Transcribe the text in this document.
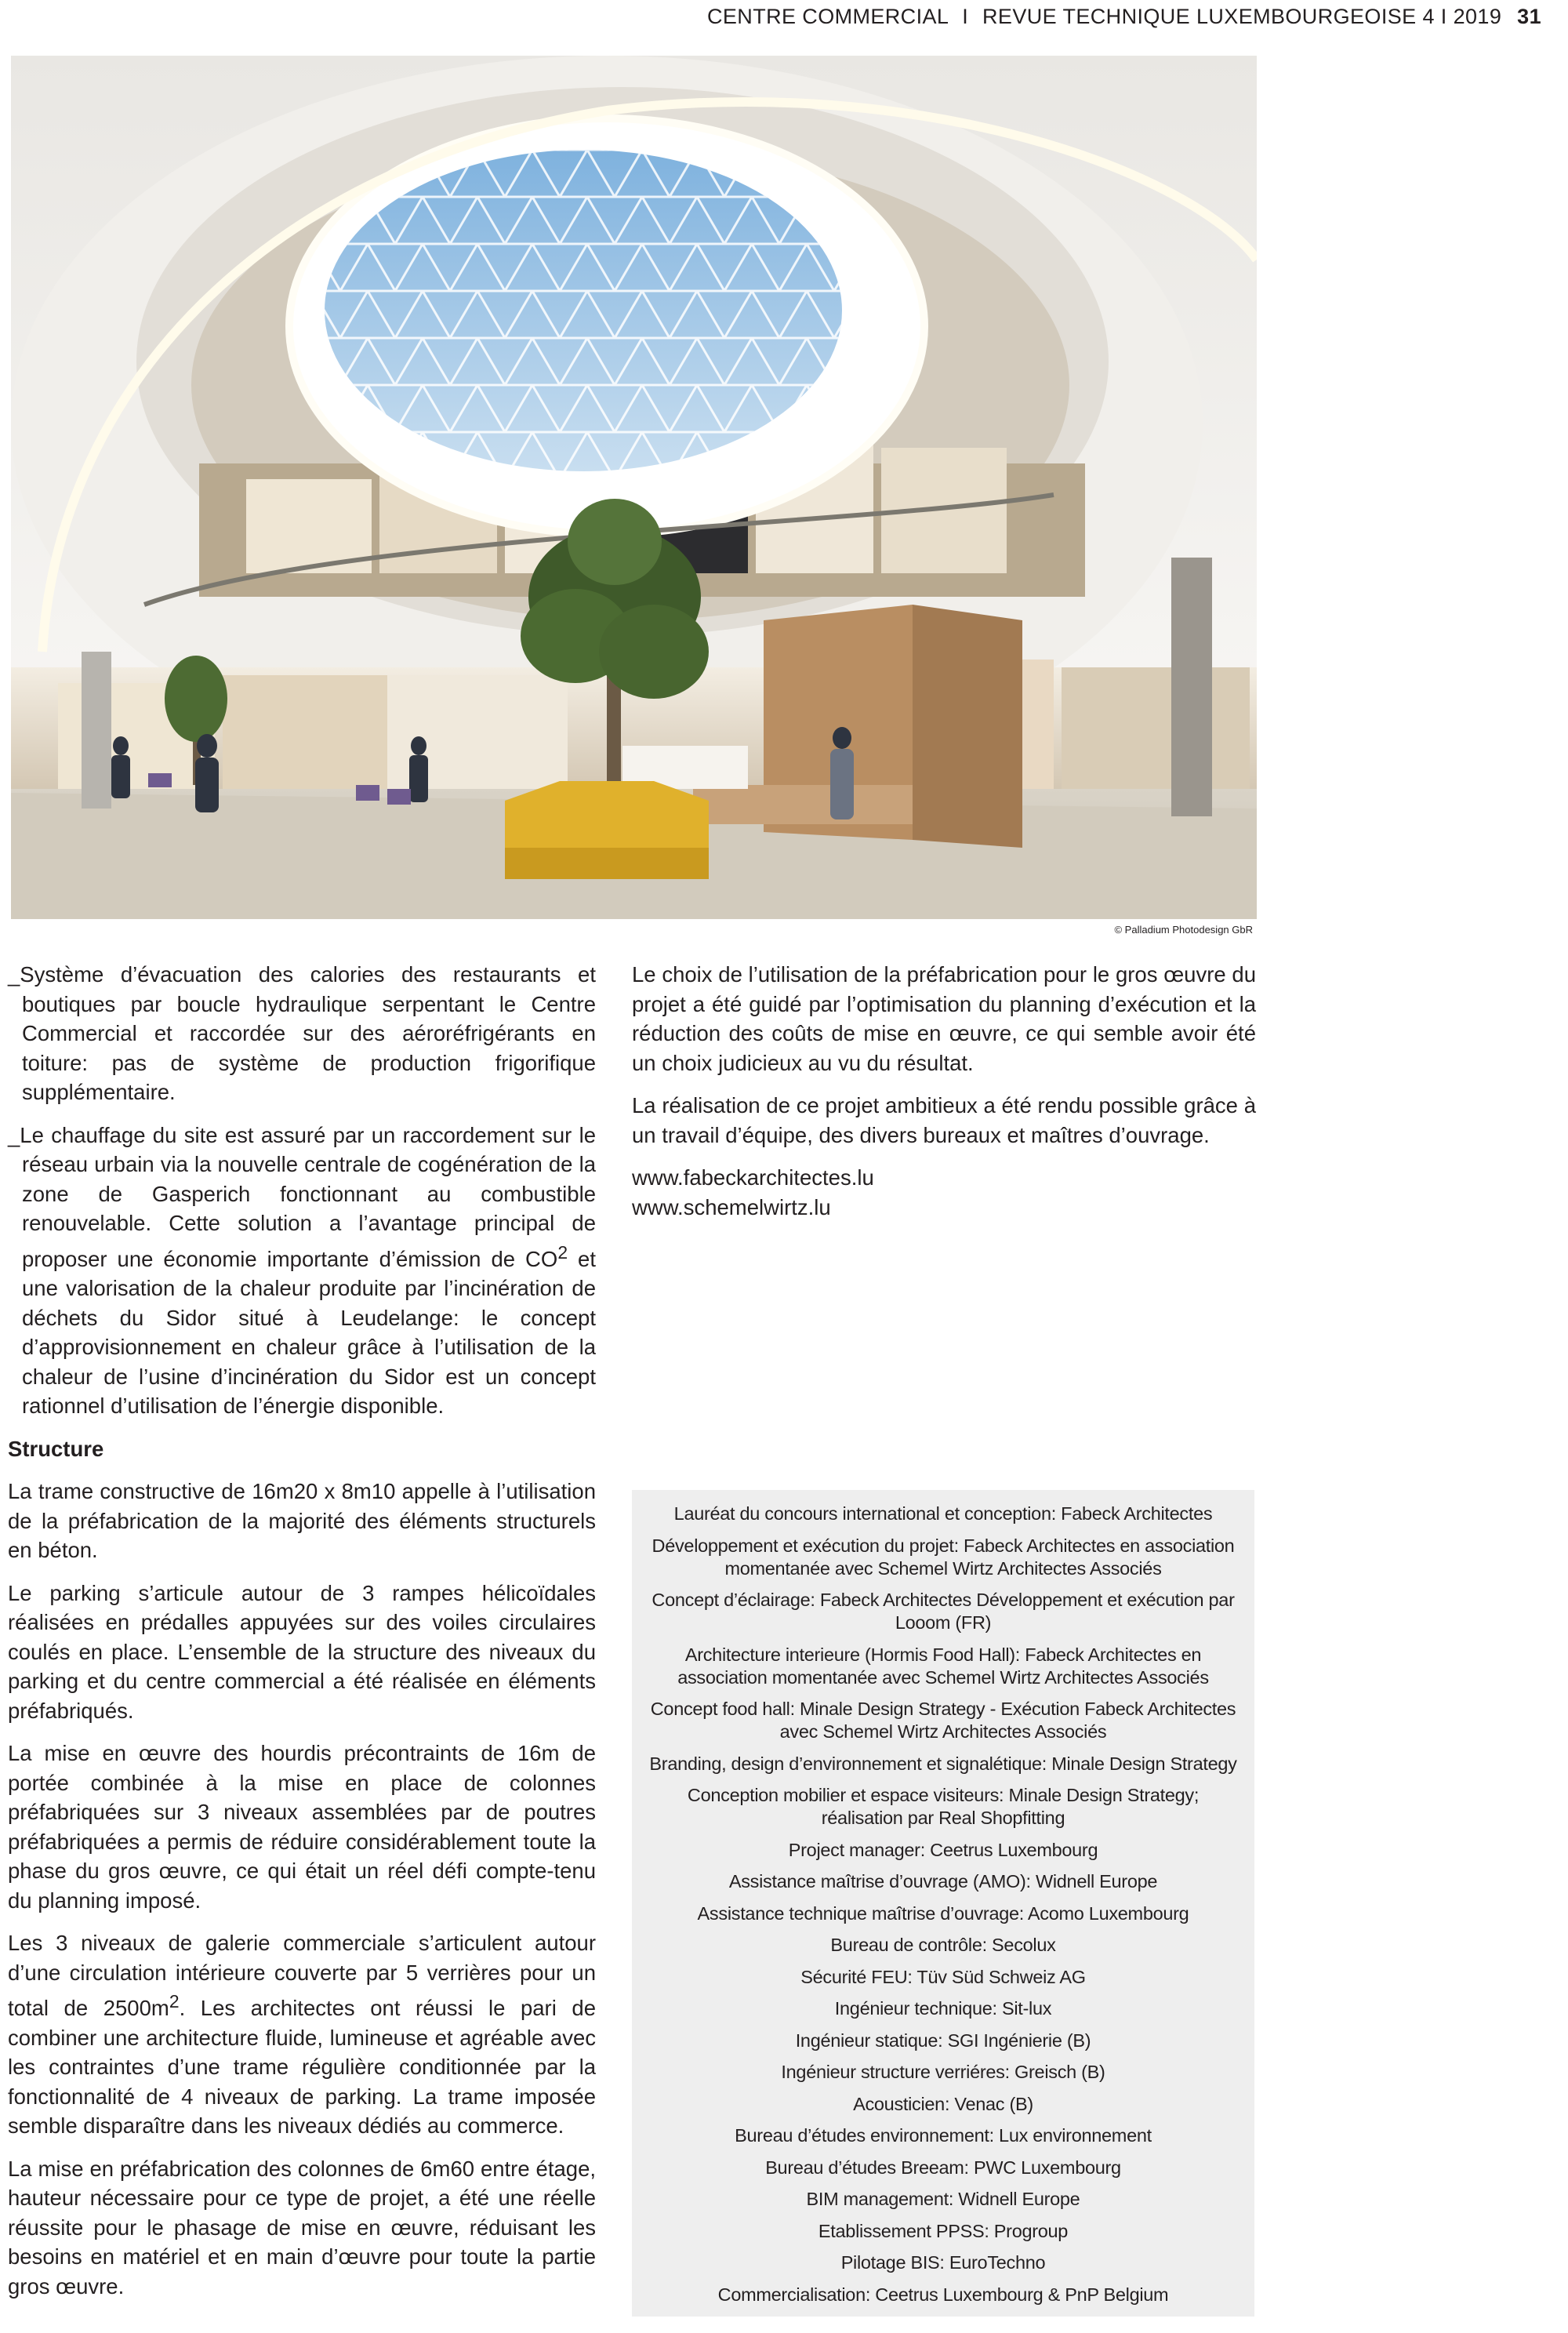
CENTRE COMMERCIAL I REVUE TECHNIQUE LUXEMBOURGEOISE 4 I 2019 31
© Palladium Photodesign GbR

_Système d’évacuation des calories des restaurants et boutiques par boucle hydraulique serpentant le Centre Commercial et raccordée sur des aéroréfrigérants en toiture: pas de système de production frigorifique supplémentaire.

_Le chauffage du site est assuré par un raccordement sur le réseau urbain via la nouvelle centrale de cogénération de la zone de Gasperich fonctionnant au combustible renouvelable. Cette solution a l’avantage principal de proposer une économie importante d’émission de $CO^2$ et une valorisation de la chaleur produite par l’incinération de déchets du Sidor situé à Leudelange: le concept d’approvisionnement en chaleur grâce à l’utilisation de la chaleur de l’usine d’incinération du Sidor est un concept rationnel d’utilisation de l’énergie disponible.

Structure

La trame constructive de 16m20 x 8m10 appelle à l’utilisation de la préfabrication de la majorité des éléments structurels en béton.

Le parking s’articule autour de 3 rampes hélicoïdales réalisées en prédalles appuyées sur des voiles circulaires coulés en place. L’ensemble de la structure des niveaux du parking et du centre commercial a été réalisée en éléments préfabriqués.

La mise en œuvre des hourdis précontraints de 16m de portée combinée à la mise en place de colonnes préfabriquées sur 3 niveaux assemblées par de poutres préfabriquées a permis de réduire considérablement toute la phase du gros œuvre, ce qui était un réel défi compte-tenu du planning imposé.

Les 3 niveaux de galerie commerciale s’articulent autour d’une circulation intérieure couverte par 5 verrières pour un total de $2500m^2$. Les architectes ont réussi le pari de combiner une architecture fluide, lumineuse et agréable avec les contraintes d’une trame régulière conditionnée par la fonctionnalité de 4 niveaux de parking. La trame imposée semble disparaître dans les niveaux dédiés au commerce.

La mise en préfabrication des colonnes de 6m60 entre étage, hauteur nécessaire pour ce type de projet, a été une réelle réussite pour le phasage de mise en œuvre, réduisant les besoins en matériel et en main d’œuvre pour toute la partie gros œuvre.

Le choix de l’utilisation de la préfabrication pour le gros œuvre du projet a été guidé par l’optimisation du planning d’exécution et la réduction des coûts de mise en œuvre, ce qui semble avoir été un choix judicieux au vu du résultat.

La réalisation de ce projet ambitieux a été rendu possible grâce à un travail d’équipe, des divers bureaux et maîtres d’ouvrage.

www.fabeckarchitectes.lu

www.schemelwirtz.lu

Lauréat du concours international et conception: Fabeck Architectes
Développement et exécution du projet: Fabeck Architectes en association momentanée avec Schemel Wirtz Architectes Associés
Concept d’éclairage: Fabeck Architectes Développement et exécution par Looom (FR)
Architecture interieure (Hormis Food Hall): Fabeck Architectes en association momentanée avec Schemel Wirtz Architectes Associés
Concept food hall: Minale Design Strategy - Exécution Fabeck Architectes avec Schemel Wirtz Architectes Associés
Branding, design d’environnement et signalétique: Minale Design Strategy
Conception mobilier et espace visiteurs: Minale Design Strategy; réalisation par Real Shopfitting
Project manager: Ceetrus Luxembourg
Assistance maîtrise d’ouvrage (AMO): Widnell Europe
Assistance technique maîtrise d’ouvrage: Acomo Luxembourg
Bureau de contrôle: Secolux
Sécurité FEU: Tüv Süd Schweiz AG
Ingénieur technique: Sit-lux
Ingénieur statique: SGI Ingénierie (B)
Ingénieur structure verriéres: Greisch (B)
Acousticien: Venac (B)
Bureau d’études environnement: Lux environnement
Bureau d’études Breeam: PWC Luxembourg
BIM management: Widnell Europe
Etablissement PPSS: Progroup
Pilotage BIS: EuroTechno
Commercialisation: Ceetrus Luxembourg & PnP Belgium
